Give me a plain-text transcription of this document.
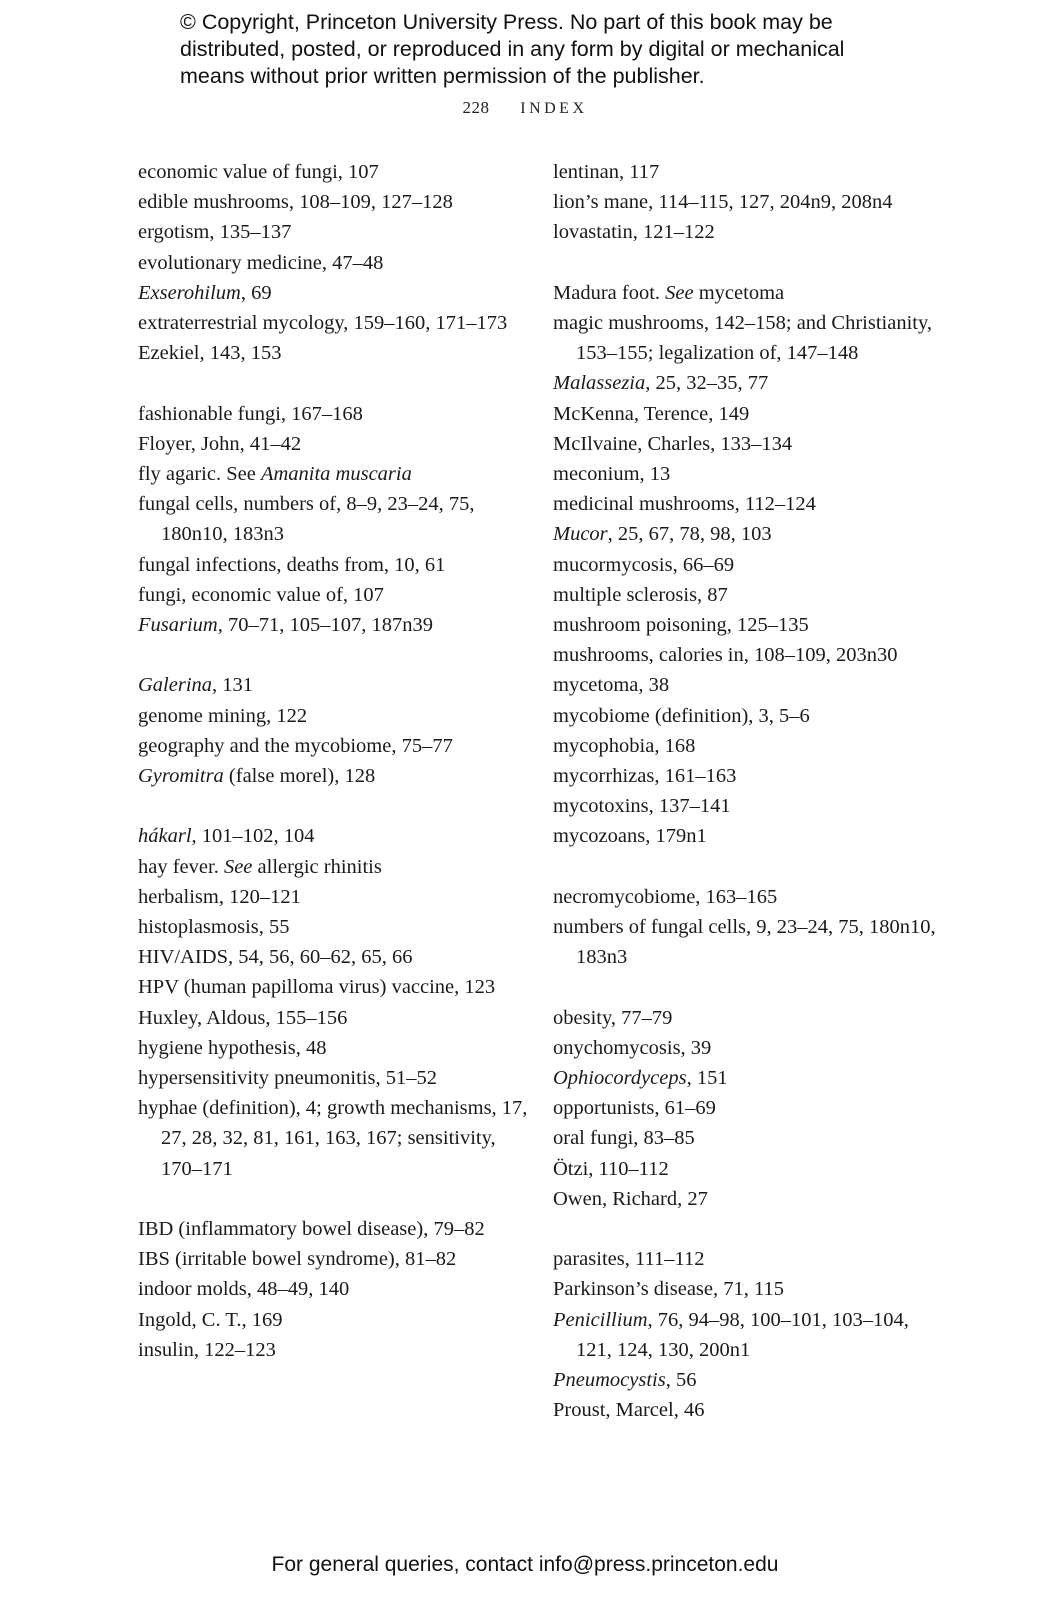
© Copyright, Princeton University Press. No part of this book may be
distributed, posted, or reproduced in any form by digital or mechanical
means without prior written permission of the publisher.
228 INDEX
economic value of fungi, 107
edible mushrooms, 108–109, 127–128
ergotism, 135–137
evolutionary medicine, 47–48
Exserohilum, 69
extraterrestrial mycology, 159–160, 171–173
Ezekiel, 143, 153
fashionable fungi, 167–168
Floyer, John, 41–42
fly agaric. See Amanita muscaria
fungal cells, numbers of, 8–9, 23–24, 75, 180n10, 183n3
fungal infections, deaths from, 10, 61
fungi, economic value of, 107
Fusarium, 70–71, 105–107, 187n39
Galerina, 131
genome mining, 122
geography and the mycobiome, 75–77
Gyromitra (false morel), 128
hákarl, 101–102, 104
hay fever. See allergic rhinitis
herbalism, 120–121
histoplasmosis, 55
HIV/AIDS, 54, 56, 60–62, 65, 66
HPV (human papilloma virus) vaccine, 123
Huxley, Aldous, 155–156
hygiene hypothesis, 48
hypersensitivity pneumonitis, 51–52
hyphae (definition), 4; growth mechanisms, 17, 27, 28, 32, 81, 161, 163, 167; sensitivity, 170–171
IBD (inflammatory bowel disease), 79–82
IBS (irritable bowel syndrome), 81–82
indoor molds, 48–49, 140
Ingold, C. T., 169
insulin, 122–123
lentinan, 117
lion’s mane, 114–115, 127, 204n9, 208n4
lovastatin, 121–122
Madura foot. See mycetoma
magic mushrooms, 142–158; and Christianity, 153–155; legalization of, 147–148
Malassezia, 25, 32–35, 77
McKenna, Terence, 149
McIlvaine, Charles, 133–134
meconium, 13
medicinal mushrooms, 112–124
Mucor, 25, 67, 78, 98, 103
mucormycosis, 66–69
multiple sclerosis, 87
mushroom poisoning, 125–135
mushrooms, calories in, 108–109, 203n30
mycetoma, 38
mycobiome (definition), 3, 5–6
mycophobia, 168
mycorrhizas, 161–163
mycotoxins, 137–141
mycozoans, 179n1
necromycobiome, 163–165
numbers of fungal cells, 9, 23–24, 75, 180n10, 183n3
obesity, 77–79
onychomycosis, 39
Ophiocordyceps, 151
opportunists, 61–69
oral fungi, 83–85
Ötzi, 110–112
Owen, Richard, 27
parasites, 111–112
Parkinson’s disease, 71, 115
Penicillium, 76, 94–98, 100–101, 103–104, 121, 124, 130, 200n1
Pneumocystis, 56
Proust, Marcel, 46
For general queries, contact info@press.princeton.edu
